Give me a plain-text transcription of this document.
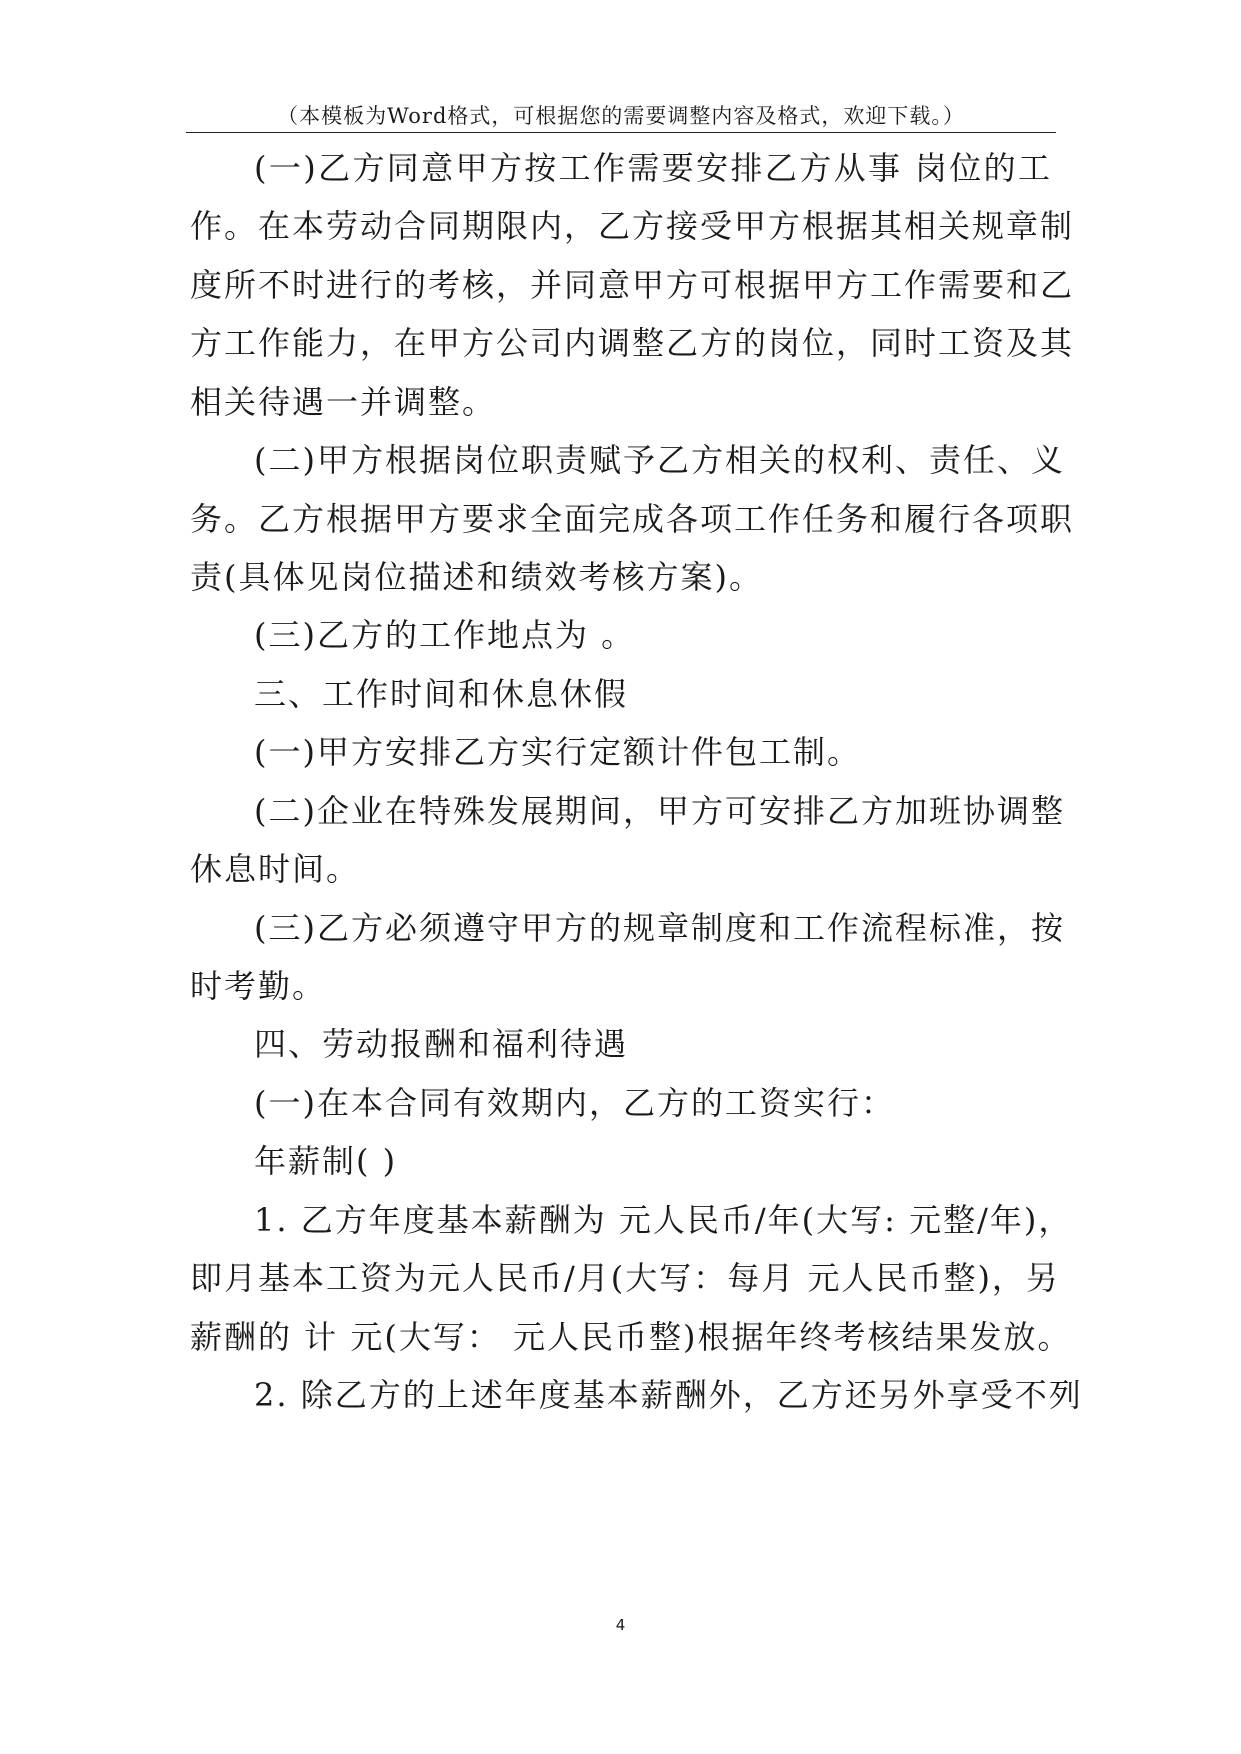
（本模板为Word格式，可根据您的需要调整内容及格式，欢迎下载。）
(一)乙方同意甲方按工作需要安排乙方从事 岗位的工
作。在本劳动合同期限内，乙方接受甲方根据其相关规章制
度所不时进行的考核，并同意甲方可根据甲方工作需要和乙
方工作能力，在甲方公司内调整乙方的岗位，同时工资及其
相关待遇一并调整。
(二)甲方根据岗位职责赋予乙方相关的权利、责任、义
务。乙方根据甲方要求全面完成各项工作任务和履行各项职
责(具体见岗位描述和绩效考核方案)。
(三)乙方的工作地点为 。
三、工作时间和休息休假
(一)甲方安排乙方实行定额计件包工制。
(二)企业在特殊发展期间，甲方可安排乙方加班协调整
休息时间。
(三)乙方必须遵守甲方的规章制度和工作流程标准，按
时考勤。
四、劳动报酬和福利待遇
(一)在本合同有效期内，乙方的工资实行：
年薪制( )
1. 乙方年度基本薪酬为 元人民币/年(大写: 元整/年)，
即月基本工资为元人民币/月(大写：每月 元人民币整)，另
薪酬的 计 元(大写： 元人民币整)根据年终考核结果发放。
2. 除乙方的上述年度基本薪酬外，乙方还另外享受不列
4
